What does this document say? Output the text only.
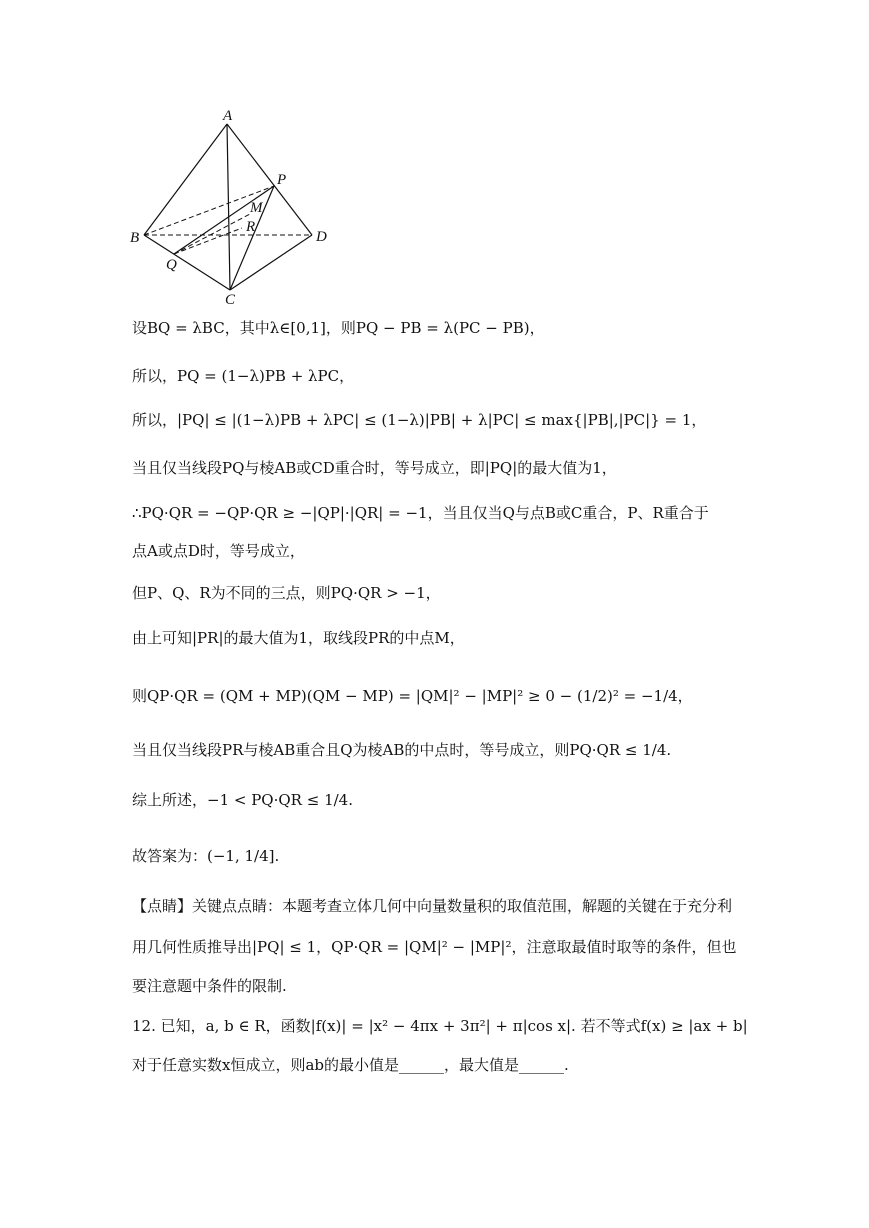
A
B
C
D
P
Q
M
R
设BQ = λBC，其中λ∈[0,1]，则PQ − PB = λ(PC − PB)，
所以，PQ = (1−λ)PB + λPC，
所以，|PQ| ≤ |(1−λ)PB + λPC| ≤ (1−λ)|PB| + λ|PC| ≤ max{|PB|,|PC|} = 1，
当且仅当线段PQ与棱AB或CD重合时，等号成立，即|PQ|的最大值为1，
∴PQ·QR = −QP·QR ≥ −|QP|·|QR| = −1，当且仅当Q与点B或C重合，P、R重合于
点A或点D时，等号成立，
但P、Q、R为不同的三点，则PQ·QR > −1，
由上可知|PR|的最大值为1，取线段PR的中点M，
则QP·QR = (QM + MP)(QM − MP) = |QM|² − |MP|² ≥ 0 − (1/2)² = −1/4，
当且仅当线段PR与棱AB重合且Q为棱AB的中点时，等号成立，则PQ·QR ≤ 1/4.
综上所述，−1 < PQ·QR ≤ 1/4.
故答案为：(−1, 1/4].
【点睛】关键点点睛：本题考查立体几何中向量数量积的取值范围，解题的关键在于充分利
用几何性质推导出|PQ| ≤ 1，QP·QR = |QM|² − |MP|²，注意取最值时取等的条件，但也
要注意题中条件的限制.
12. 已知，a, b ∈ R，函数|f(x)| = |x² − 4πx + 3π²| + π|cos x|. 若不等式f(x) ≥ |ax + b|
对于任意实数x恒成立，则ab的最小值是______，最大值是______.
